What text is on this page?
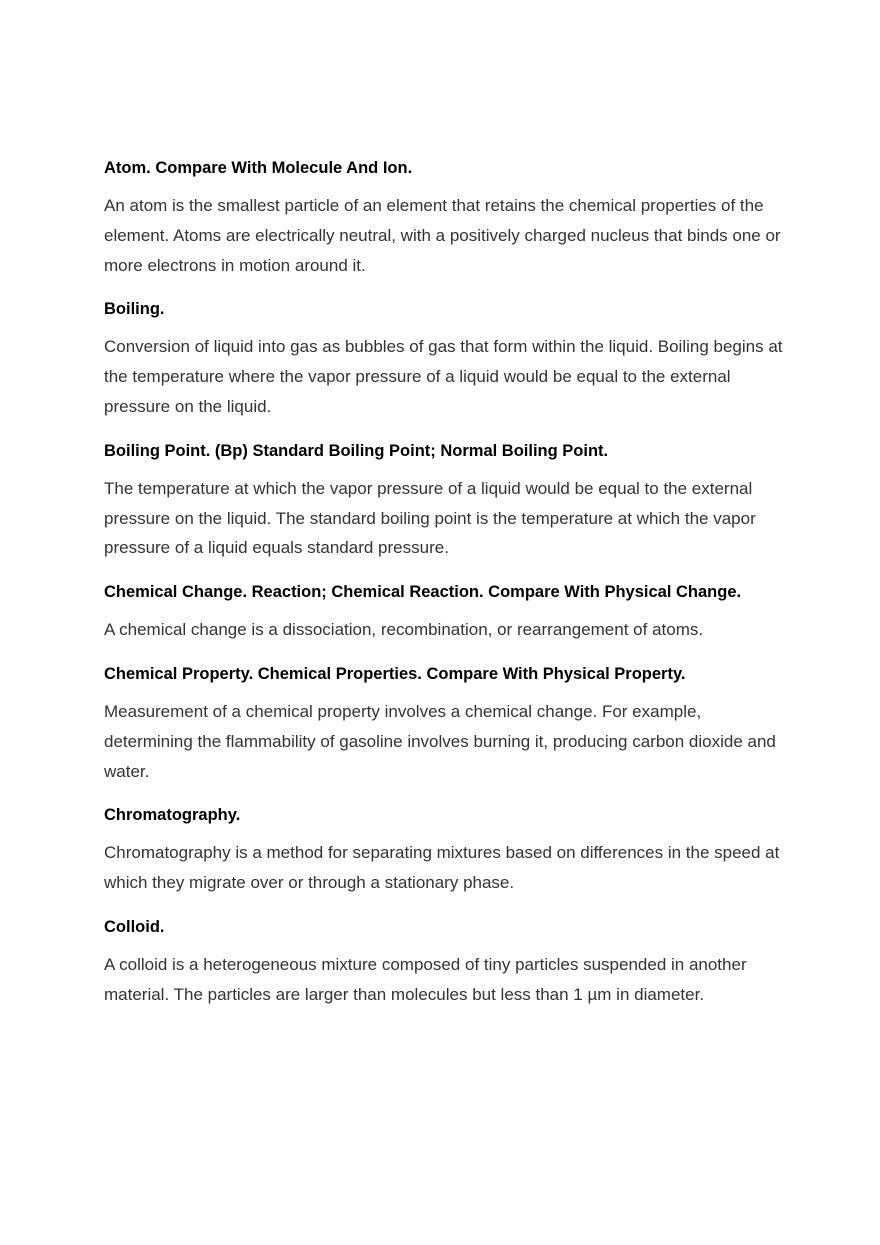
Atom. Compare With Molecule And Ion.

An atom is the smallest particle of an element that retains the chemical properties of the element. Atoms are electrically neutral, with a positively charged nucleus that binds one or more electrons in motion around it.

Boiling.

Conversion of liquid into gas as bubbles of gas that form within the liquid. Boiling begins at the temperature where the vapor pressure of a liquid would be equal to the external pressure on the liquid.

Boiling Point. (Bp) Standard Boiling Point; Normal Boiling Point.

The temperature at which the vapor pressure of a liquid would be equal to the external pressure on the liquid. The standard boiling point is the temperature at which the vapor pressure of a liquid equals standard pressure.

Chemical Change. Reaction; Chemical Reaction. Compare With Physical Change.

A chemical change is a dissociation, recombination, or rearrangement of atoms.

Chemical Property. Chemical Properties. Compare With Physical Property.

Measurement of a chemical property involves a chemical change. For example, determining the flammability of gasoline involves burning it, producing carbon dioxide and water.

Chromatography.

Chromatography is a method for separating mixtures based on differences in the speed at which they migrate over or through a stationary phase.

Colloid.

A colloid is a heterogeneous mixture composed of tiny particles suspended in another material. The particles are larger than molecules but less than 1 µm in diameter.
